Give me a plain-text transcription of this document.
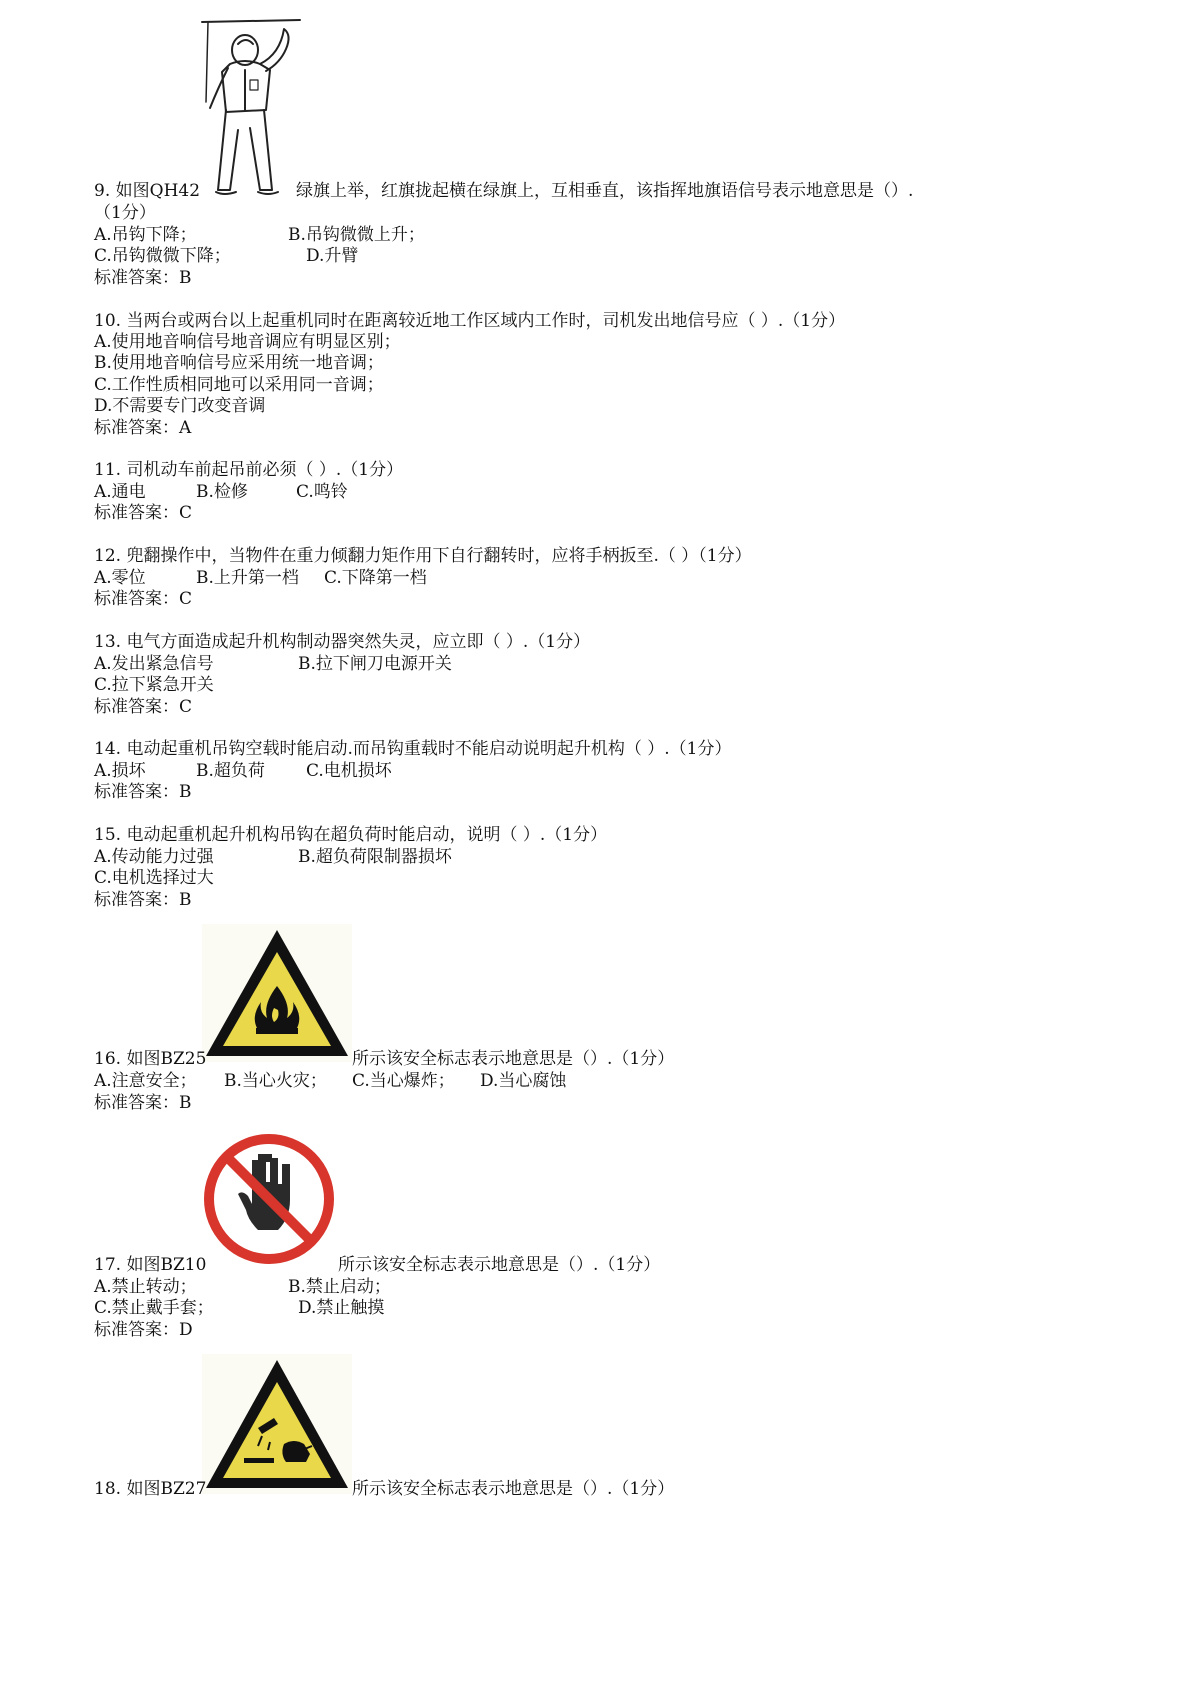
9. 如图QH42	绿旗上举，红旗拢起横在绿旗上，互相垂直，该指挥地旗语信号表示地意思是（）.
（1分）
A.吊钩下降；	B.吊钩微微上升；
C.吊钩微微下降；	D.升臂
标准答案：B
10. 当两台或两台以上起重机同时在距离较近地工作区域内工作时，司机发出地信号应（ ）.（1分）
A.使用地音响信号地音调应有明显区别；
B.使用地音响信号应采用统一地音调；
C.工作性质相同地可以采用同一音调；
D.不需要专门改变音调
标准答案：A
11. 司机动车前起吊前必须（ ）.（1分）
A.通电	B.检修	C.鸣铃
标准答案：C
12. 兜翻操作中，当物件在重力倾翻力矩作用下自行翻转时，应将手柄扳至.（ ）（1分）
A.零位	B.上升第一档 C.下降第一档
标准答案：C
13. 电气方面造成起升机构制动器突然失灵，应立即（ ）.（1分）
A.发出紧急信号	B.拉下闸刀电源开关
C.拉下紧急开关
标准答案：C
14. 电动起重机吊钩空载时能启动.而吊钩重载时不能启动说明起升机构（ ）.（1分）
A.损坏	B.超负荷 C.电机损坏
标准答案：B
15. 电动起重机起升机构吊钩在超负荷时能启动，说明（ ）.（1分）
A.传动能力过强	B.超负荷限制器损坏
C.电机选择过大
标准答案：B
16. 如图BZ25	所示该安全标志表示地意思是（）.（1分）
A.注意安全； B.当心火灾； C.当心爆炸； D.当心腐蚀
标准答案：B
17. 如图BZ10	所示该安全标志表示地意思是（）.（1分）
A.禁止转动；	B.禁止启动；
C.禁止戴手套；	D.禁止触摸
标准答案：D
18. 如图BZ27	所示该安全标志表示地意思是（）.（1分）
